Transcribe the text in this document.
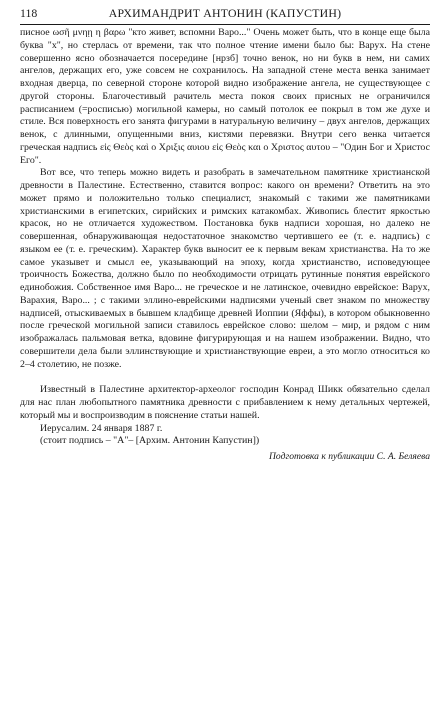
118	АРХИМАНДРИТ АНТОНИН (КАПУСТИН)

писное ωσῆ μνηῃ η βαρω "кто живет, вспомни Варо..." Очень может быть, что в конце еще была буква "х", но стерлась от времени, так что полное чтение имени было бы: Варух. На стене совершенно ясно обозначается посередине [нрзб] точно венок, но ни букв в нем, ни самих ангелов, держащих его, уже совсем не сохранилось. На западной стене места венка занимает входная дверца, по северной стороне которой видно изображение ангела, не существующее с другой стороны. Благочестивый рачитель места покоя своих присных не ограничился расписанием (=росписью) могильной камеры, но самый потолок ее покрыл в том же духе и стиле. Вся поверхность его занята фигурами в натуральную величину – двух ангелов, держащих венок, с длинными, опущенными вниз, кистями перевязки. Внутри сего венка читается греческая надпись εἰς Θεὸς καὶ ο Χριξις αυιου εἰς Θεὸς και ο Χριστος αυτου – "Один Бог и Христос Его".

Вот все, что теперь можно видеть и разобрать в замечательном памятнике христианской древности в Палестине. Естественно, ставится вопрос: какого он времени? Ответить на это может прямо и положительно только специалист, знакомый с такими же памятниками христианскими в египетских, сирийских и римских катакомбах. Живопись блестит яркостью красок, но не отличается художеством. Постановка букв надписи хорошая, но далеко не совершенная, обнаруживающая недостаточное знакомство чертившего ее (т. е. надпись) с языком ее (т. е. греческим). Характер букв выносит ее к первым векам христианства. На то же самое указывет и смысл ее, указывающий на эпоху, когда христианство, исповедующее троичность Божества, должно было по необходимости отрицать рутинные понятия еврейского единобожия. Собственное имя Варо... не греческое и не латинское, очевидно еврейское: Варух, Варахия, Варо... ; с такими эллино-еврейскими надписями ученый свет знаком по множеству надписей, отыскиваемых в бывшем кладбище древней Иоппии (Яффы), в котором обыкновенно после греческой могильной записи ставилось еврейское слово: шелом – мир, и рядом с ним изображалась пальмовая ветка, вдовине фигурирующая и на нашем изображении. Видно, что совершители дела были эллинствующие и христианствующие евреи, а это могло относиться ко 2–4 столетию, не позже.

Известный в Палестине архитектор-археолог господин Конрад Шикк обязательно сделал для нас план любопытного памятника древности с прибавлением к нему детальных чертежей, который мы и воспроизводим в пояснение статьи нашей.

Иерусалим. 24 января 1887 г.

(стоит подпись – "А"– [Архим. Антонин Капустин])

Подготовка к публикации С. А. Беляева
